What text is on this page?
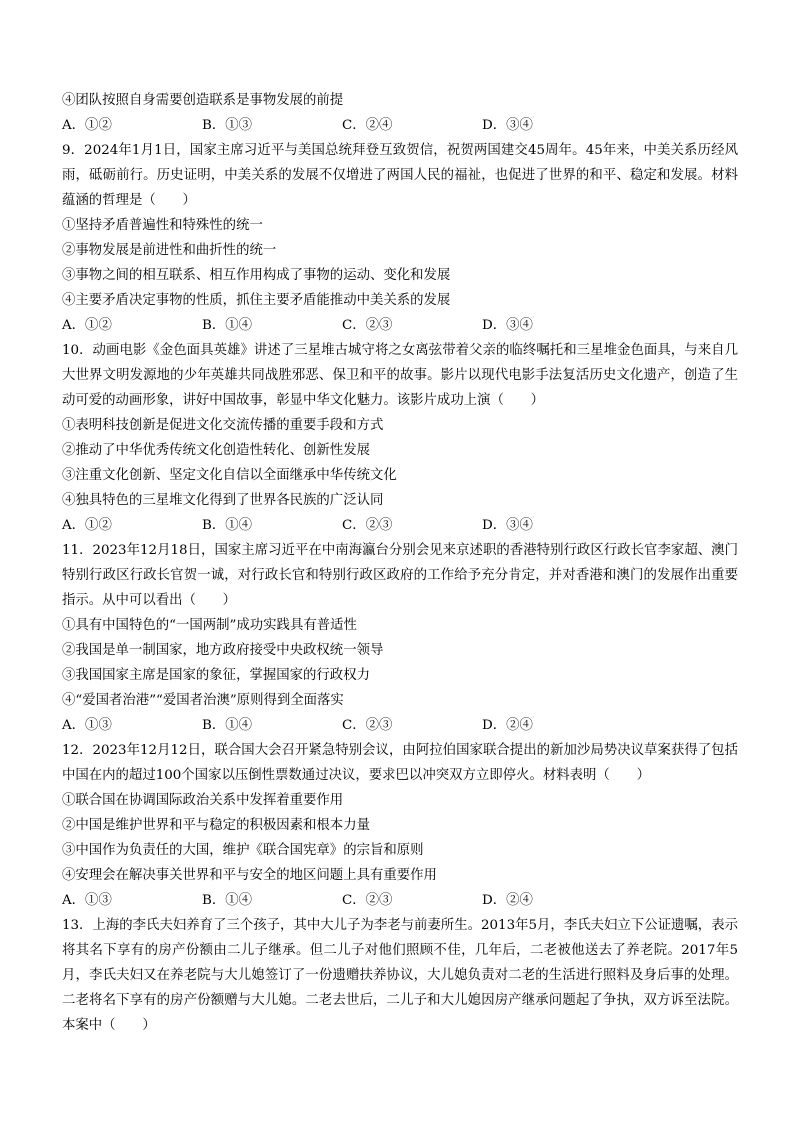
④团队按照自身需要创造联系是事物发展的前提
A．①②	B．①③	C．②④	D．③④
9．2024年1月1日，国家主席习近平与美国总统拜登互致贺信，祝贺两国建交45周年。45年来，中美关系历经风雨，砥砺前行。历史证明，中美关系的发展不仅增进了两国人民的福祉，也促进了世界的和平、稳定和发展。材料蕴涵的哲理是（　　）
①坚持矛盾普遍性和特殊性的统一
②事物发展是前进性和曲折性的统一
③事物之间的相互联系、相互作用构成了事物的运动、变化和发展
④主要矛盾决定事物的性质，抓住主要矛盾能推动中美关系的发展
A．①②	B．①④	C．②③	D．③④
10．动画电影《金色面具英雄》讲述了三星堆古城守将之女离弦带着父亲的临终嘱托和三星堆金色面具，与来自几大世界文明发源地的少年英雄共同战胜邪恶、保卫和平的故事。影片以现代电影手法复活历史文化遗产，创造了生动可爱的动画形象，讲好中国故事，彰显中华文化魅力。该影片成功上演（　　）
①表明科技创新是促进文化交流传播的重要手段和方式
②推动了中华优秀传统文化创造性转化、创新性发展
③注重文化创新、坚定文化自信以全面继承中华传统文化
④独具特色的三星堆文化得到了世界各民族的广泛认同
A．①②	B．①④	C．②③	D．③④
11．2023年12月18日，国家主席习近平在中南海瀛台分别会见来京述职的香港特别行政区行政长官李家超、澳门特别行政区行政长官贺一诚，对行政长官和特别行政区政府的工作给予充分肯定，并对香港和澳门的发展作出重要指示。从中可以看出（　　）
①具有中国特色的“一国两制”成功实践具有普适性
②我国是单一制国家，地方政府接受中央政权统一领导
③我国国家主席是国家的象征，掌握国家的行政权力
④“爱国者治港”“爱国者治澳”原则得到全面落实
A．①③	B．①④	C．②③	D．②④
12．2023年12月12日，联合国大会召开紧急特别会议，由阿拉伯国家联合提出的新加沙局势决议草案获得了包括中国在内的超过100个国家以压倒性票数通过决议，要求巴以冲突双方立即停火。材料表明（　　）
①联合国在协调国际政治关系中发挥着重要作用
②中国是维护世界和平与稳定的积极因素和根本力量
③中国作为负责任的大国，维护《联合国宪章》的宗旨和原则
④安理会在解决事关世界和平与安全的地区问题上具有重要作用
A．①③	B．①④	C．②③	D．②④
13．上海的李氏夫妇养育了三个孩子，其中大儿子为李老与前妻所生。2013年5月，李氏夫妇立下公证遗嘱，表示将其名下享有的房产份额由二儿子继承。但二儿子对他们照顾不佳，几年后，二老被他送去了养老院。2017年5月，李氏夫妇又在养老院与大儿媳签订了一份遗赠扶养协议，大儿媳负责对二老的生活进行照料及身后事的处理。二老将名下享有的房产份额赠与大儿媳。二老去世后，二儿子和大儿媳因房产继承问题起了争执，双方诉至法院。本案中（　　）
